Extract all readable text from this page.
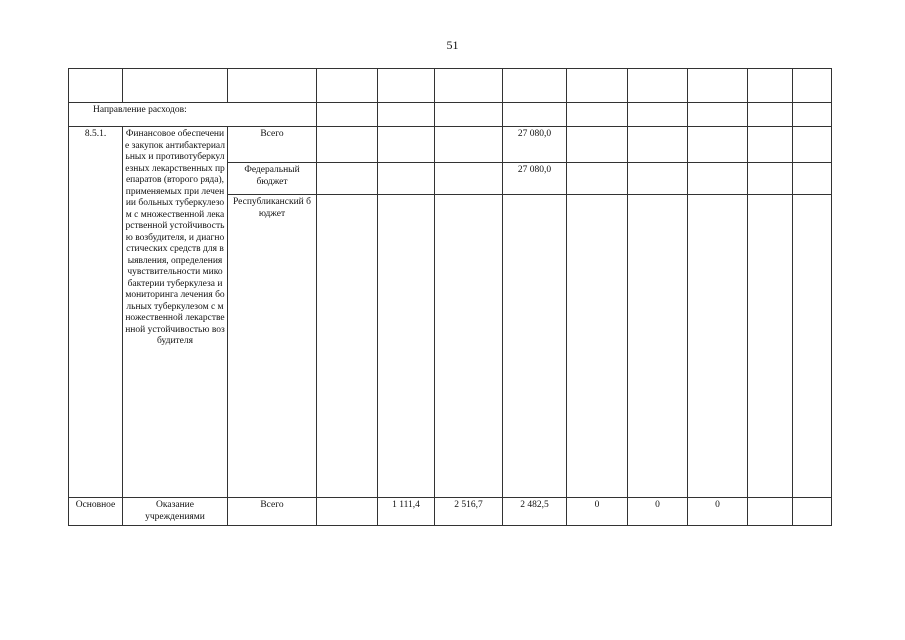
51

Направление расходов:											
8.5.1.	Финансовое обеспечение закупок антибактериальных и противотуберкулезных лекарственных препаратов (второго ряда), применяемых при лечении больных туберкулезом с множественной лекарственной устойчивостью возбудителя, и диагностических средств для выявления, определения чувствительности микобактерии туберкулеза и мониторинга лечения больных туберкулезом с множественной лекарственной устойчивостью возбудителя	Всего				27 080,0					
		Федеральный бюджет				27 080,0					
		Республиканский бюджет									
Основное	Оказание учреждениями	Всего		1 111,4	2 516,7	2 482,5	0	0	0		
